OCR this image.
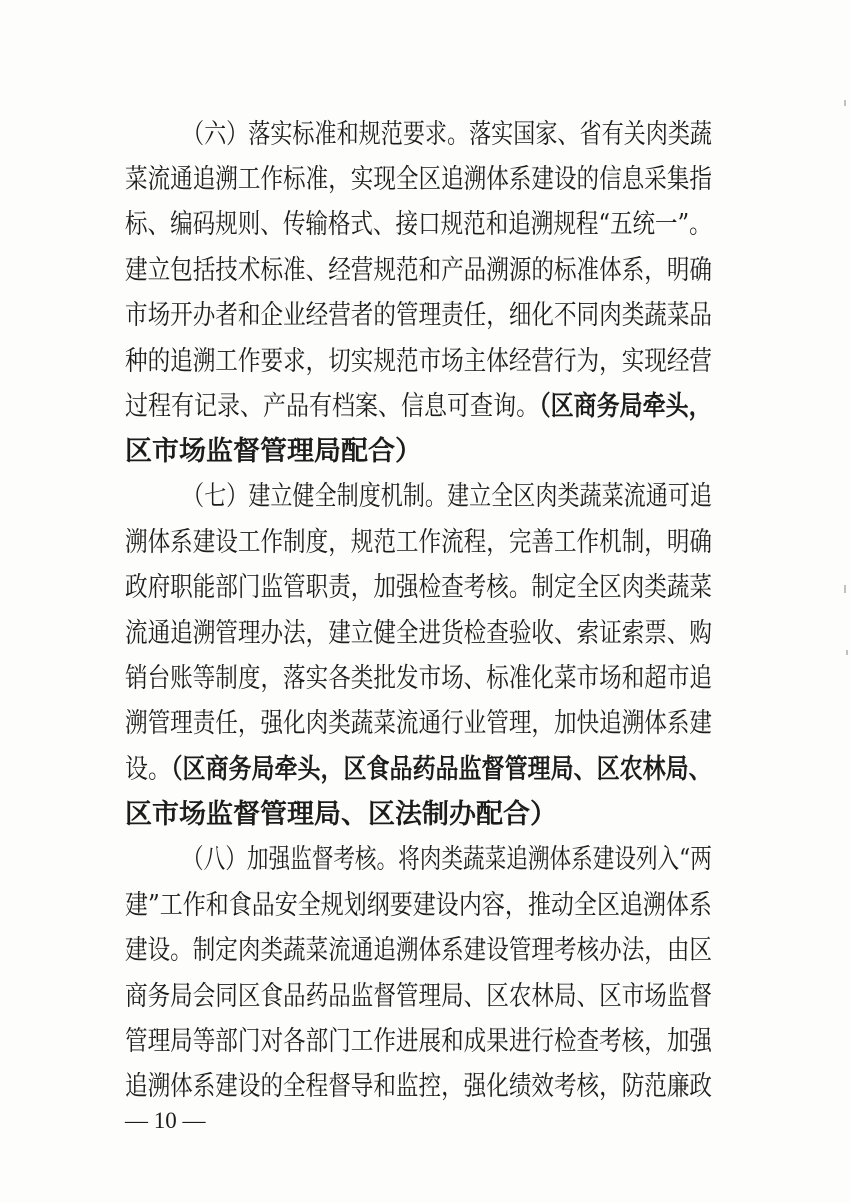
（六）落实标准和规范要求。落实国家、省有关肉类蔬
菜流通追溯工作标准，实现全区追溯体系建设的信息采集指
标、编码规则、传输格式、接口规范和追溯规程“五统一”。
建立包括技术标准、经营规范和产品溯源的标准体系，明确
市场开办者和企业经营者的管理责任，细化不同肉类蔬菜品
种的追溯工作要求，切实规范市场主体经营行为，实现经营
过程有记录、产品有档案、信息可查询。（区商务局牵头，
区市场监督管理局配合）
（七）建立健全制度机制。建立全区肉类蔬菜流通可追
溯体系建设工作制度，规范工作流程，完善工作机制，明确
政府职能部门监管职责，加强检查考核。制定全区肉类蔬菜
流通追溯管理办法，建立健全进货检查验收、索证索票、购
销台账等制度，落实各类批发市场、标准化菜市场和超市追
溯管理责任，强化肉类蔬菜流通行业管理，加快追溯体系建
设。（区商务局牵头，区食品药品监督管理局、区农林局、
区市场监督管理局、区法制办配合）
（八）加强监督考核。将肉类蔬菜追溯体系建设列入“两
建”工作和食品安全规划纲要建设内容，推动全区追溯体系
建设。制定肉类蔬菜流通追溯体系建设管理考核办法，由区
商务局会同区食品药品监督管理局、区农林局、区市场监督
管理局等部门对各部门工作进展和成果进行检查考核，加强
追溯体系建设的全程督导和监控，强化绩效考核，防范廉政
— 10 —
